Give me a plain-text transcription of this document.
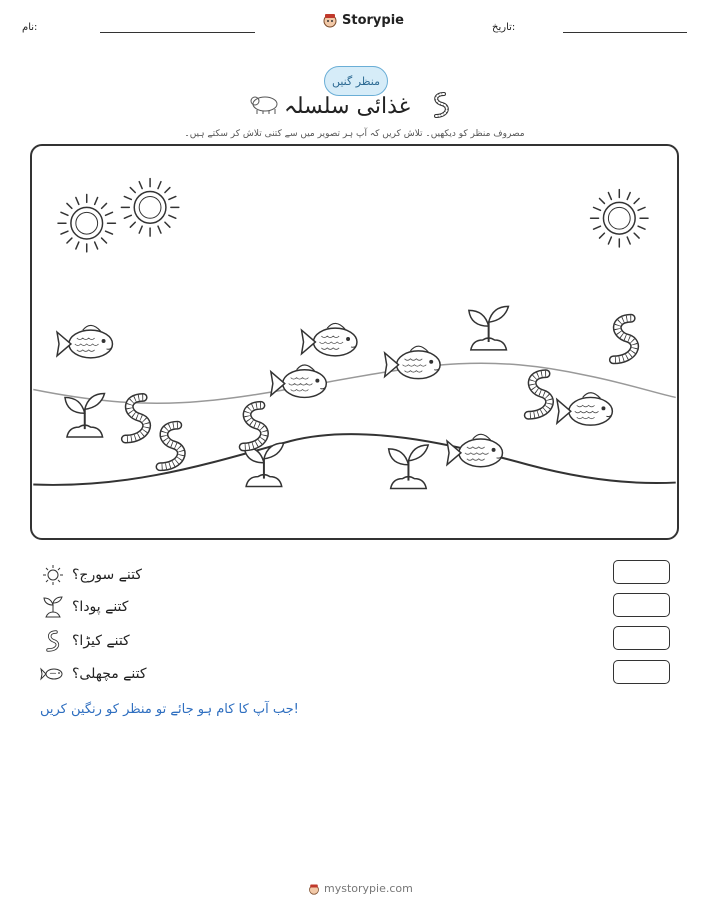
Storypie
نام:	تاریخ:
منظر گنیں
غذائی سلسلہ
مصروف منظر کو دیکھیں۔ تلاش کریں کہ آپ ہر تصویر میں سے کتنی تلاش کر سکتے ہیں۔
کتنے سورج؟
کتنے پودا؟
کتنے کیڑا؟
کتنے مچھلی؟
جب آپ کا کام ہو جائے تو منظر کو رنگین کریں!
mystorypie.com
